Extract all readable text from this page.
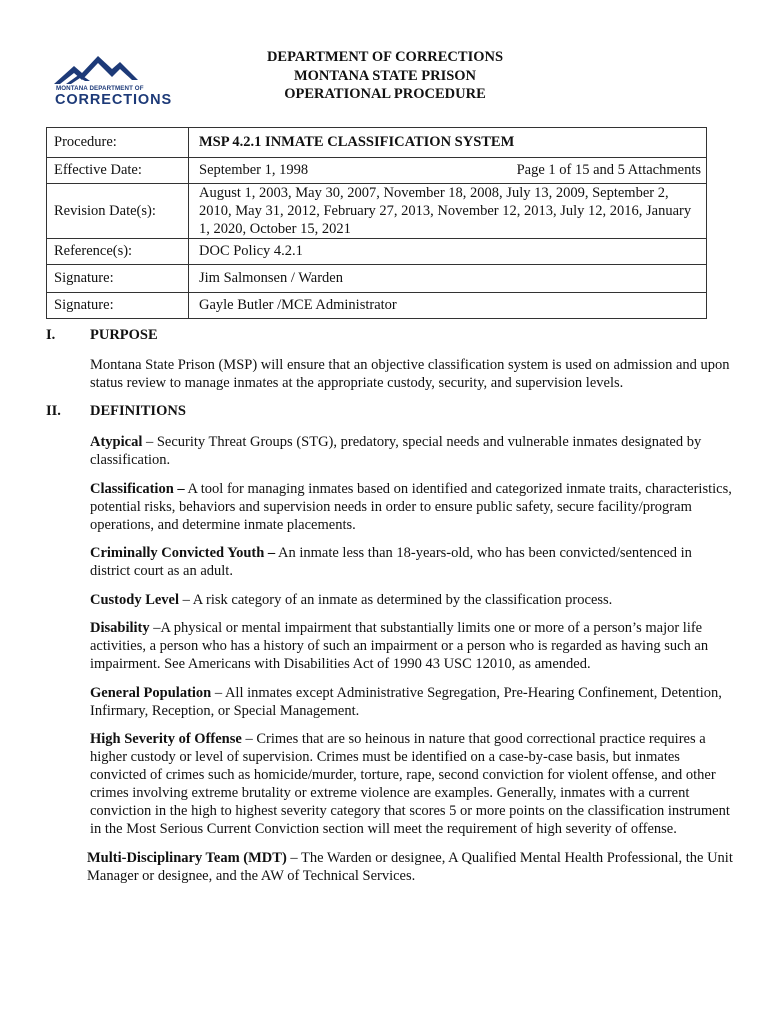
MONTANA DEPARTMENT OF
CORRECTIONS
DEPARTMENT OF CORRECTIONS
MONTANA STATE PRISON
OPERATIONAL PROCEDURE
Procedure:	MSP 4.2.1 INMATE CLASSIFICATION SYSTEM
Effective Date:	September 1, 1998 Page 1 of 15 and 5 Attachments

Revision Date(s):	August 1, 2003, May 30, 2007, November 18, 2008, July 13, 2009, September 2, 2010, May 31, 2012, February 27, 2013, November 12, 2013, July 12, 2016, January 1, 2020, October 15, 2021
Reference(s):	DOC Policy 4.2.1
Signature:	Jim Salmonsen / Warden
Signature:	Gayle Butler /MCE Administrator
I. PURPOSE
Montana State Prison (MSP) will ensure that an objective classification system is used on admission and upon status review to manage inmates at the appropriate custody, security, and supervision levels.
II. DEFINITIONS

Atypical – Security Threat Groups (STG), predatory, special needs and vulnerable inmates designated by classification.

Classification – A tool for managing inmates based on identified and categorized inmate traits, characteristics, potential risks, behaviors and supervision needs in order to ensure public safety, secure facility/program operations, and determine inmate placements.

Criminally Convicted Youth – An inmate less than 18-years-old, who has been convicted/sentenced in district court as an adult.

Custody Level – A risk category of an inmate as determined by the classification process.

Disability –A physical or mental impairment that substantially limits one or more of a person’s major life activities, a person who has a history of such an impairment or a person who is regarded as having such an impairment. See Americans with Disabilities Act of 1990 43 USC 12010, as amended.

General Population – All inmates except Administrative Segregation, Pre-Hearing Confinement, Detention, Infirmary, Reception, or Special Management.

High Severity of Offense – Crimes that are so heinous in nature that good correctional practice requires a higher custody or level of supervision. Crimes must be identified on a case-by-case basis, but inmates convicted of crimes such as homicide/murder, torture, rape, second conviction for violent offense, and other crimes involving extreme brutality or extreme violence are examples. Generally, inmates with a current conviction in the high to highest severity category that scores 5 or more points on the classification instrument in the Most Serious Current Conviction section will meet the requirement of high severity of offense.

Multi-Disciplinary Team (MDT) – The Warden or designee, A Qualified Mental Health Professional, the Unit Manager or designee, and the AW of Technical Services.
